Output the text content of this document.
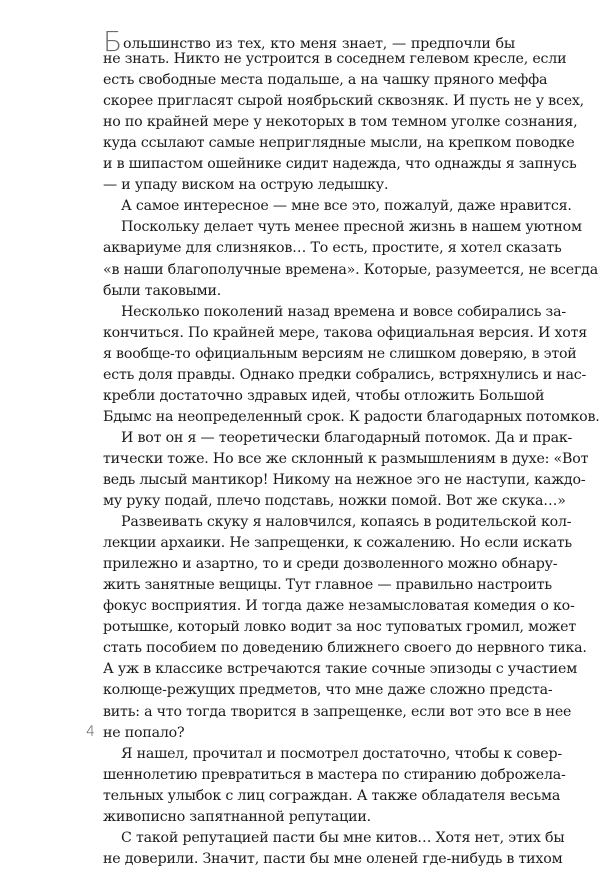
Большинство из тех, кто меня знает, — предпочли бы
не знать. Никто не устроится в соседнем гелевом кресле, если
есть свободные места подальше, а на чашку пряного меффа
скорее пригласят сырой ноябрьский сквозняк. И пусть не у всех,
но по крайней мере у некоторых в том темном уголке сознания,
куда ссылают самые неприглядные мысли, на крепком поводке
и в шипастом ошейнике сидит надежда, что однажды я запнусь
— и упаду виском на острую ледышку.
А самое интересное — мне все это, пожалуй, даже нравится.
Поскольку делает чуть менее пресной жизнь в нашем уютном
аквариуме для слизняков… То есть, простите, я хотел сказать
«в наши благополучные времена». Которые, разумеется, не всегда
были таковыми.
Несколько поколений назад времена и вовсе собирались за-
кончиться. По крайней мере, такова официальная версия. И хотя
я вообще-то официальным версиям не слишком доверяю, в этой
есть доля правды. Однако предки собрались, встряхнулись и нас-
кребли достаточно здравых идей, чтобы отложить Большой
Бдымс на неопределенный срок. К радости благодарных потомков.
И вот он я — теоретически благодарный потомок. Да и прак-
тически тоже. Но все же склонный к размышлениям в духе: «Вот
ведь лысый мантикор! Никому на нежное эго не наступи, каждо-
му руку подай, плечо подставь, ножки помой. Вот же скука…»
Развеивать скуку я наловчился, копаясь в родительской кол-
лекции архаики. Не запрещенки, к сожалению. Но если искать
прилежно и азартно, то и среди дозволенного можно обнару-
жить занятные вещицы. Тут главное — правильно настроить
фокус восприятия. И тогда даже незамысловатая комедия о ко-
ротышке, который ловко водит за нос туповатых громил, может
стать пособием по доведению ближнего своего до нервного тика.
А уж в классике встречаются такие сочные эпизоды с участием
колюще-режущих предметов, что мне даже сложно предста-
вить: а что тогда творится в запрещенке, если вот это все в нее
не попало?
Я нашел, прочитал и посмотрел достаточно, чтобы к совер-
шеннолетию превратиться в мастера по стиранию доброжела-
тельных улыбок с лиц сограждан. А также обладателя весьма
живописно запятнанной репутации.
С такой репутацией пасти бы мне китов… Хотя нет, этих бы
не доверили. Значит, пасти бы мне оленей где-нибудь в тихом
4
